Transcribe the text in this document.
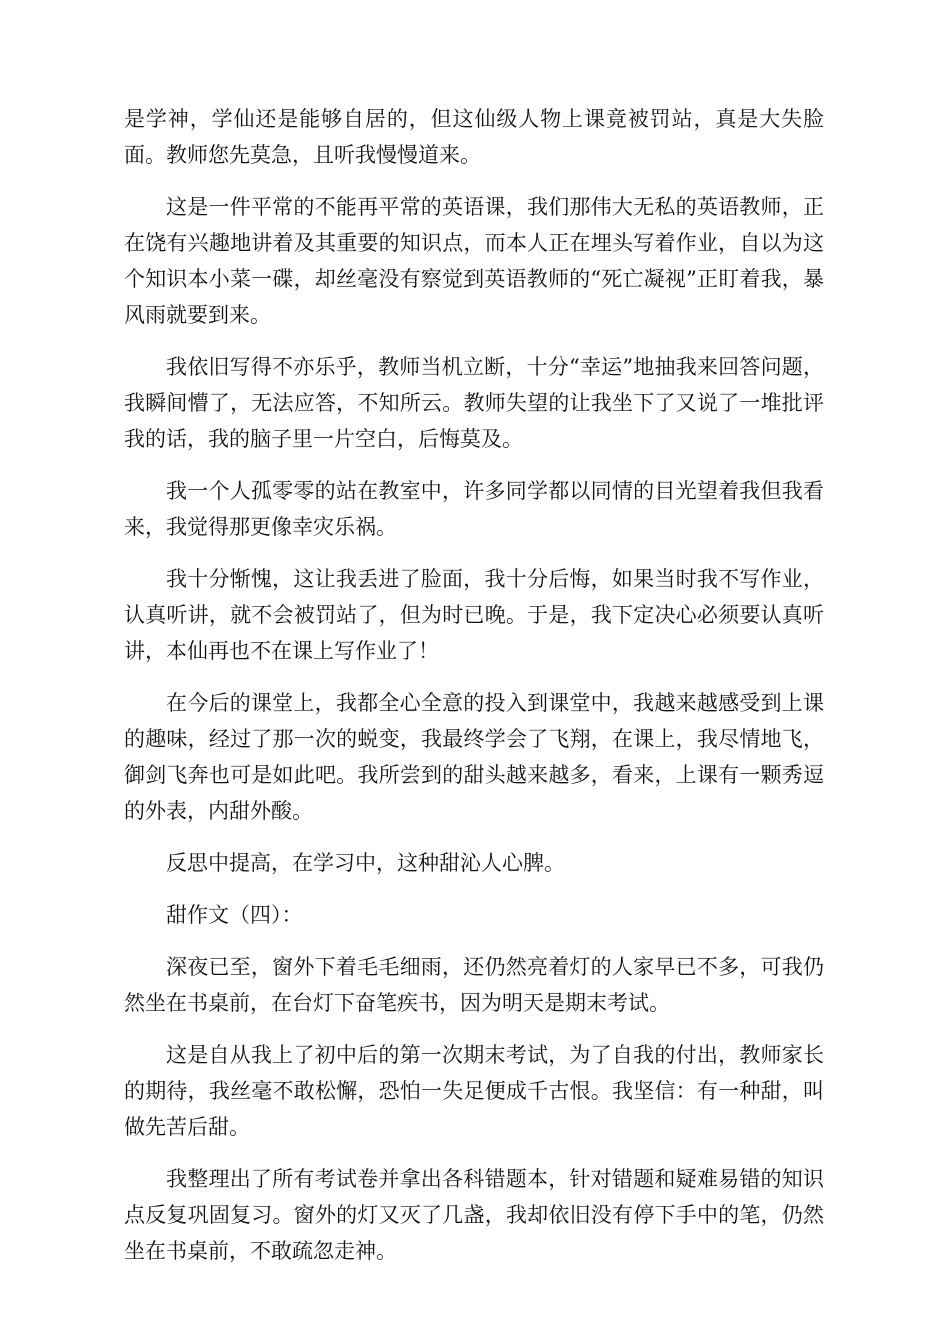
是学神，学仙还是能够自居的，但这仙级人物上课竟被罚站，真是大失脸面。教师您先莫急，且听我慢慢道来。

这是一件平常的不能再平常的英语课，我们那伟大无私的英语教师，正在饶有兴趣地讲着及其重要的知识点，而本人正在埋头写着作业，自以为这个知识本小菜一碟，却丝毫没有察觉到英语教师的“死亡凝视”正盯着我，暴风雨就要到来。

我依旧写得不亦乐乎，教师当机立断，十分“幸运”地抽我来回答问题，我瞬间懵了，无法应答，不知所云。教师失望的让我坐下了又说了一堆批评我的话，我的脑子里一片空白，后悔莫及。

我一个人孤零零的站在教室中，许多同学都以同情的目光望着我但我看来，我觉得那更像幸灾乐祸。

我十分惭愧，这让我丢进了脸面，我十分后悔，如果当时我不写作业，认真听讲，就不会被罚站了，但为时已晚。于是，我下定决心必须要认真听讲，本仙再也不在课上写作业了！

在今后的课堂上，我都全心全意的投入到课堂中，我越来越感受到上课的趣味，经过了那一次的蜕变，我最终学会了飞翔，在课上，我尽情地飞，御剑飞奔也可是如此吧。我所尝到的甜头越来越多，看来，上课有一颗秀逗的外表，内甜外酸。

反思中提高，在学习中，这种甜沁人心脾。

甜作文（四）：

深夜已至，窗外下着毛毛细雨，还仍然亮着灯的人家早已不多，可我仍然坐在书桌前，在台灯下奋笔疾书，因为明天是期末考试。

这是自从我上了初中后的第一次期末考试，为了自我的付出，教师家长的期待，我丝毫不敢松懈，恐怕一失足便成千古恨。我坚信：有一种甜，叫做先苦后甜。

我整理出了所有考试卷并拿出各科错题本，针对错题和疑难易错的知识点反复巩固复习。窗外的灯又灭了几盏，我却依旧没有停下手中的笔，仍然坐在书桌前，不敢疏忽走神。
